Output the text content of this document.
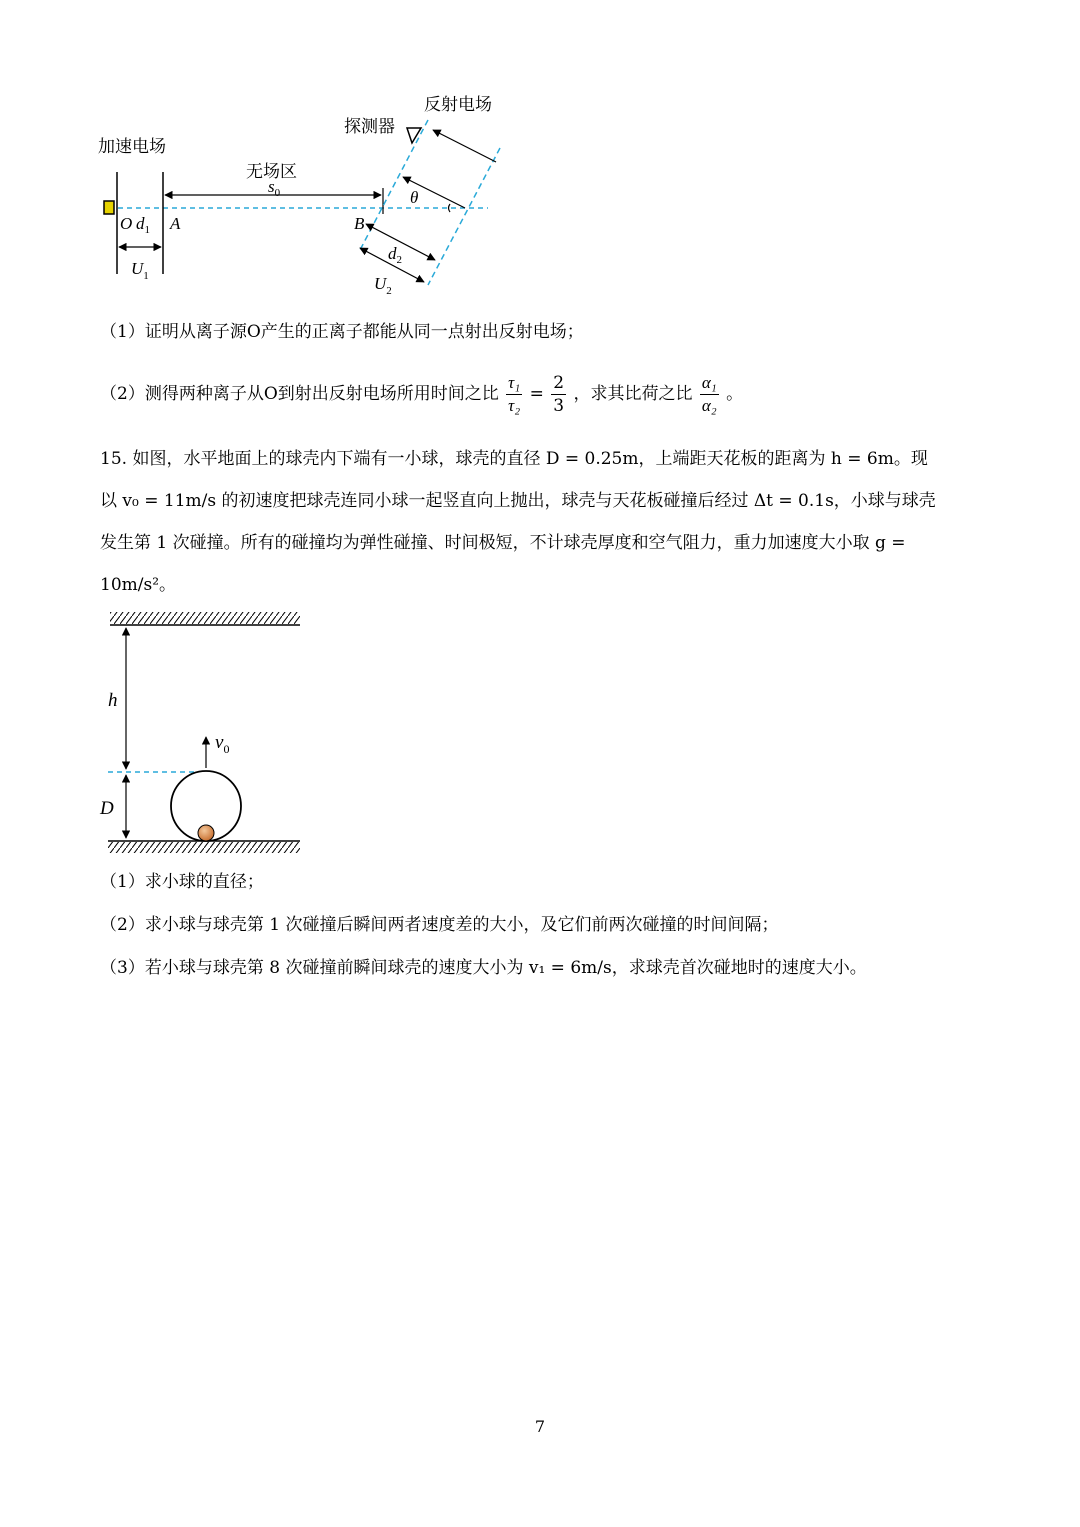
加速电场
无场区
$s_0$
反射电场
探测器
O $d_1$ A	B
$U_1$
θ
$d_2$
$U_2$
（1）证明从离子源O产生的正离子都能从同一点射出反射电场；
（2）测得两种离子从O到射出反射电场所用时间之比 $\frac{\text{τ₁}}{\text{τ₂}} = \frac{2}{3}$ ，求其比荷之比 $\frac{\text{α₁}}{\text{α₂}}$ 。
15. 如图，水平地面上的球壳内下端有一小球，球壳的直径 D = 0.25m，上端距天花板的距离为 h = 6m。现
以 v₀ = 11m/s 的初速度把球壳连同小球一起竖直向上抛出，球壳与天花板碰撞后经过 Δt = 0.1s，小球与球壳
发生第 1 次碰撞。所有的碰撞均为弹性碰撞、时间极短，不计球壳厚度和空气阻力，重力加速度大小取 g =
10m/s²。
h
D
$v_0$
（1）求小球的直径；
（2）求小球与球壳第 1 次碰撞后瞬间两者速度差的大小，及它们前两次碰撞的时间间隔；
（3）若小球与球壳第 8 次碰撞前瞬间球壳的速度大小为 v₁ = 6m/s，求球壳首次碰地时的速度大小。
7
